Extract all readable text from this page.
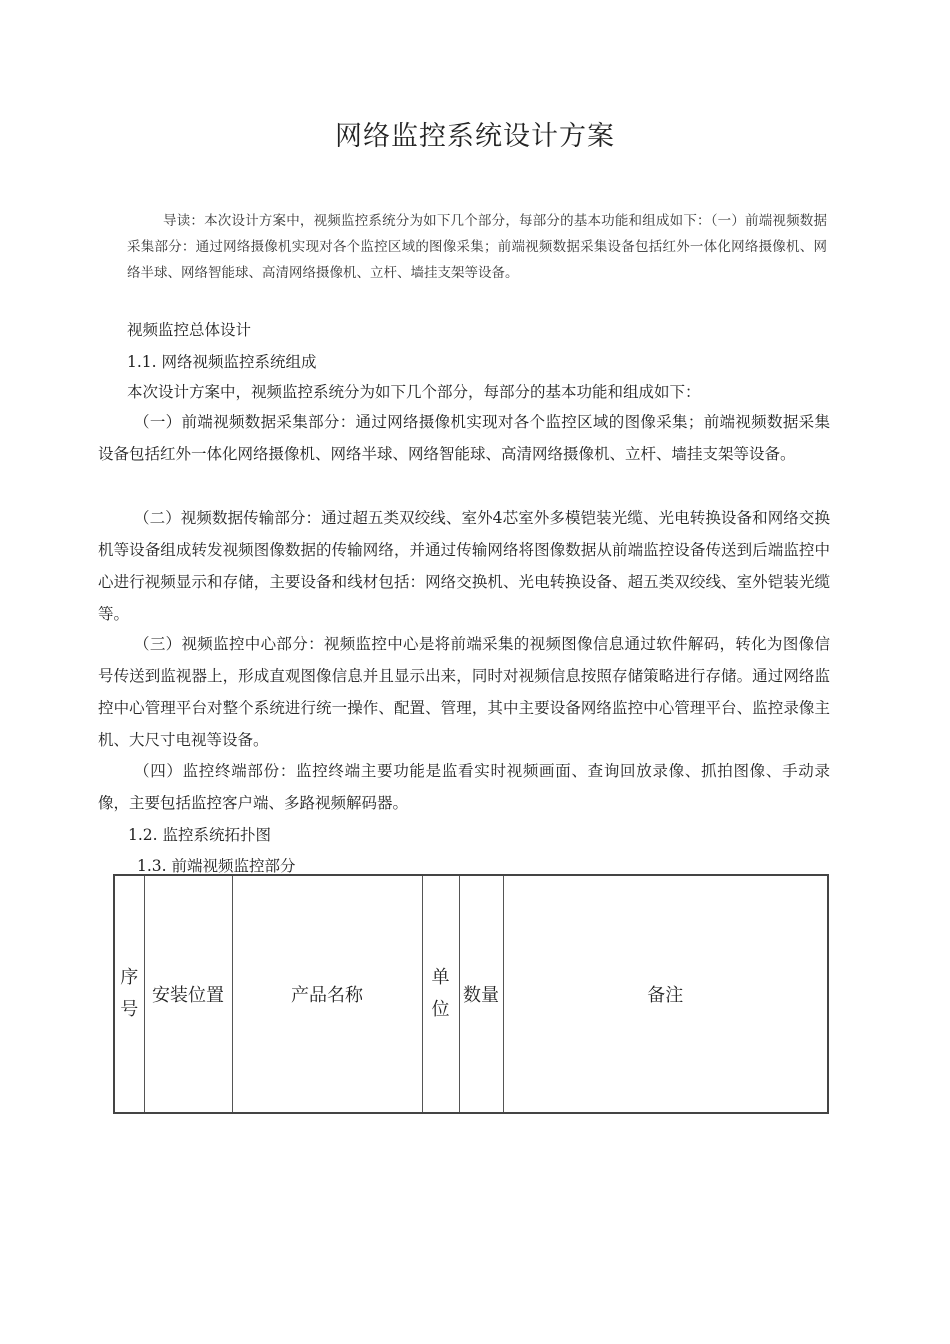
网络监控系统设计方案
导读：本次设计方案中，视频监控系统分为如下几个部分，每部分的基本功能和组成如下：（一）前端视频数据采集部分：通过网络摄像机实现对各个监控区域的图像采集；前端视频数据采集设备包括红外一体化网络摄像机、网络半球、网络智能球、高清网络摄像机、立杆、墙挂支架等设备。
视频监控总体设计
1.1. 网络视频监控系统组成
本次设计方案中，视频监控系统分为如下几个部分，每部分的基本功能和组成如下：
（一）前端视频数据采集部分：通过网络摄像机实现对各个监控区域的图像采集；前端视频数据采集设备包括红外一体化网络摄像机、网络半球、网络智能球、高清网络摄像机、立杆、墙挂支架等设备。
（二）视频数据传输部分：通过超五类双绞线、室外4芯室外多模铠装光缆、光电转换设备和网络交换机等设备组成转发视频图像数据的传输网络，并通过传输网络将图像数据从前端监控设备传送到后端监控中心进行视频显示和存储，主要设备和线材包括：网络交换机、光电转换设备、超五类双绞线、室外铠装光缆等。
（三）视频监控中心部分：视频监控中心是将前端采集的视频图像信息通过软件解码，转化为图像信号传送到监视器上，形成直观图像信息并且显示出来，同时对视频信息按照存储策略进行存储。通过网络监控中心管理平台对整个系统进行统一操作、配置、管理，其中主要设备网络监控中心管理平台、监控录像主机、大尺寸电视等设备。
（四）监控终端部份：监控终端主要功能是监看实时视频画面、查询回放录像、抓拍图像、手动录像，主要包括监控客户端、多路视频解码器。
1.2. 监控系统拓扑图
1.3. 前端视频监控部分
序号	安装位置	产品名称	单位	数量	备注
